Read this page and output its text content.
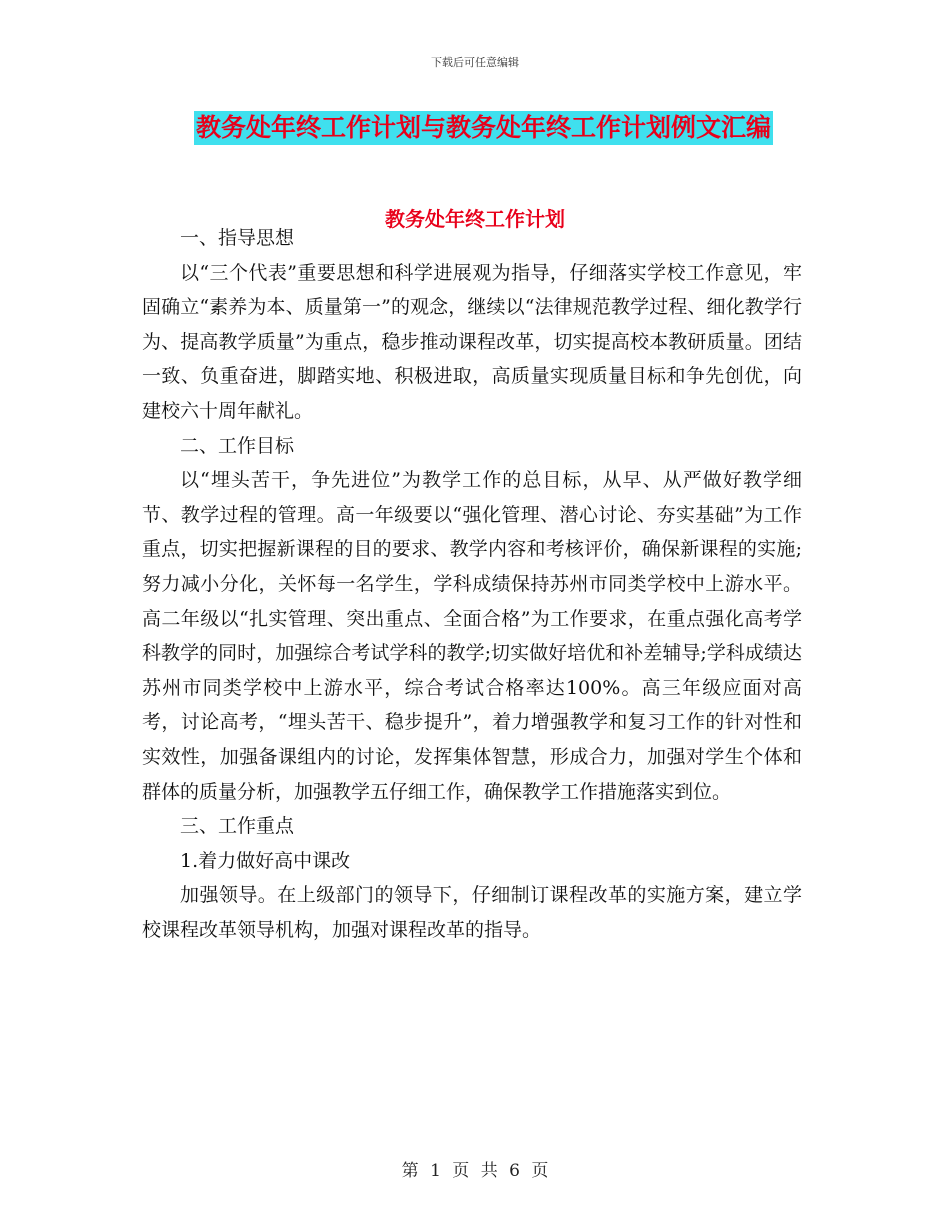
下载后可任意编辑
教务处年终工作计划与教务处年终工作计划例文汇编
教务处年终工作计划

一、指导思想

以“三个代表”重要思想和科学进展观为指导，仔细落实学校工作意见，牢固确立“素养为本、质量第一”的观念，继续以“法律规范教学过程、细化教学行为、提高教学质量”为重点，稳步推动课程改革，切实提高校本教研质量。团结一致、负重奋进，脚踏实地、积极进取，高质量实现质量目标和争先创优，向建校六十周年献礼。

二、工作目标

以“埋头苦干，争先进位”为教学工作的总目标，从早、从严做好教学细节、教学过程的管理。高一年级要以“强化管理、潜心讨论、夯实基础”为工作重点，切实把握新课程的目的要求、教学内容和考核评价，确保新课程的实施;努力减小分化，关怀每一名学生，学科成绩保持苏州市同类学校中上游水平。高二年级以“扎实管理、突出重点、全面合格”为工作要求，在重点强化高考学科教学的同时，加强综合考试学科的教学;切实做好培优和补差辅导;学科成绩达苏州市同类学校中上游水平，综合考试合格率达100%。高三年级应面对高考，讨论高考，“埋头苦干、稳步提升”，着力增强教学和复习工作的针对性和实效性，加强备课组内的讨论，发挥集体智慧，形成合力，加强对学生个体和群体的质量分析，加强教学五仔细工作，确保教学工作措施落实到位。

三、工作重点

1.着力做好高中课改

加强领导。在上级部门的领导下，仔细制订课程改革的实施方案，建立学校课程改革领导机构，加强对课程改革的指导。

第 1 页 共 6 页
